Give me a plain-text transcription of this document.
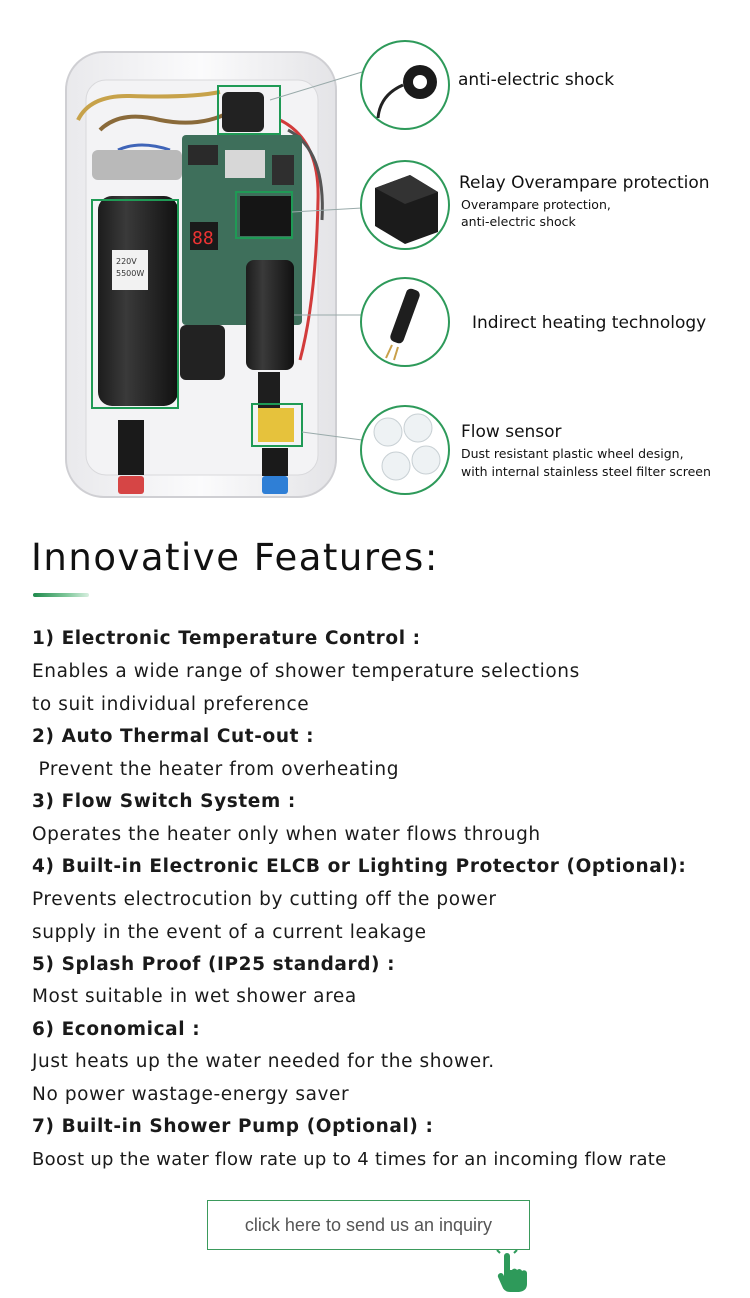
88
220V
5500W
anti-electric shock
Relay Overampare protection
Overampare protection,
anti-electric shock
Indirect heating technology
Flow sensor
Dust resistant plastic wheel design,
with internal stainless steel filter screen
Innovative Features:
1) Electronic Temperature Control :
Enables a wide range of shower temperature selections
to suit individual preference
2) Auto Thermal Cut-out :
Prevent the heater from overheating
3) Flow Switch System :
Operates the heater only when water flows through
4) Built-in Electronic ELCB or Lighting Protector (Optional):
Prevents electrocution by cutting off the power
supply in the event of a current leakage
5) Splash Proof (IP25 standard) :
Most suitable in wet shower area
6) Economical :
Just heats up the water needed for the shower.
No power wastage-energy saver
7) Built-in Shower Pump (Optional) :
Boost up the water flow rate up to 4 times for an incoming flow rate
click here to send us an inquiry
